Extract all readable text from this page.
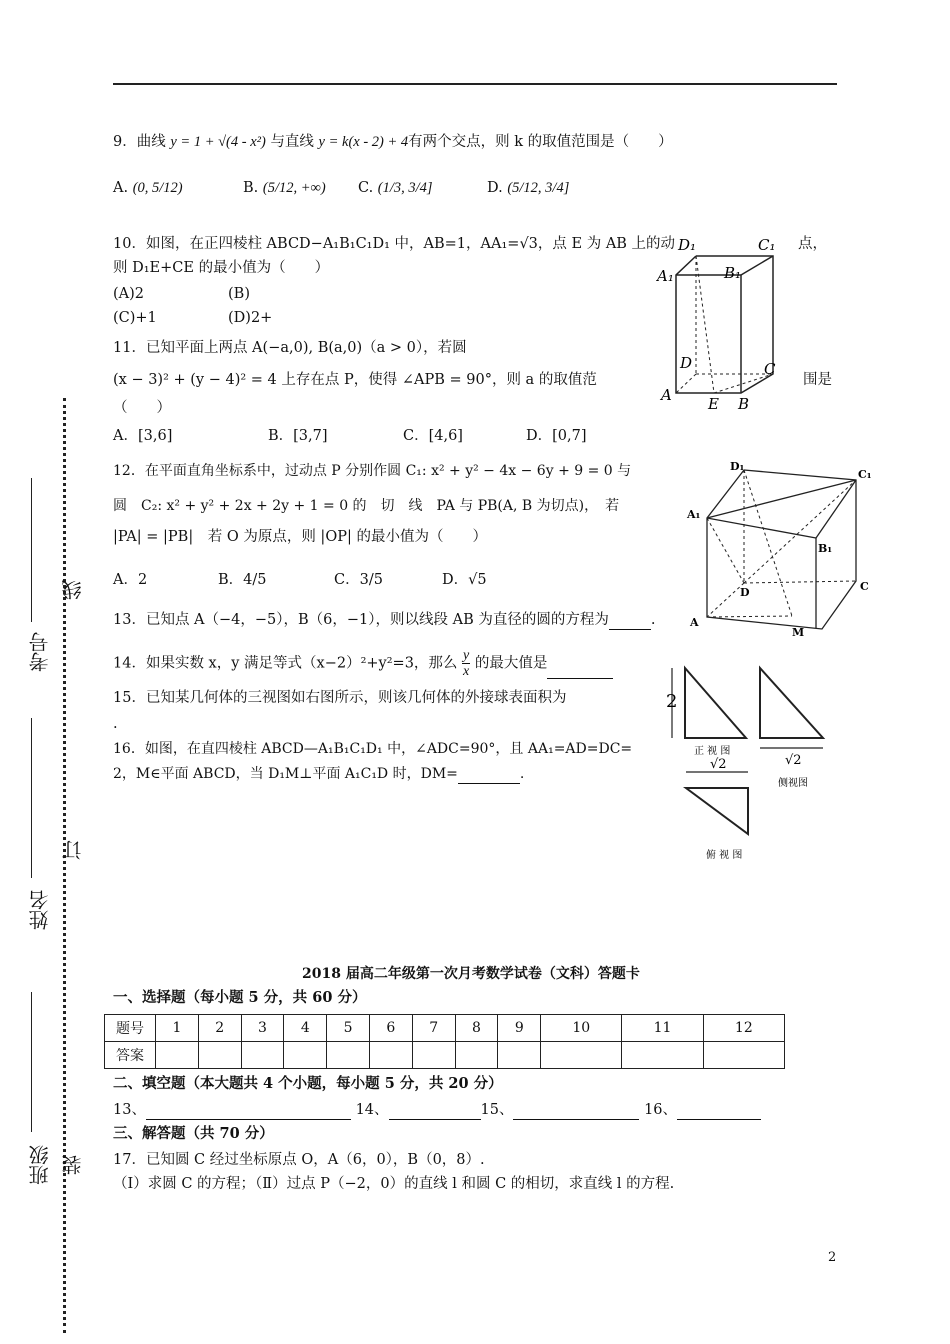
9．曲线 y = 1 + √(4 - x²) 与直线 y = k(x - 2) + 4有两个交点，则 k 的取值范围是（　　）
A. (0, 5/12)	B. (5/12, +∞) C. (1/3, 3/4]	D. (5/12, 3/4]
10．如图，在正四棱柱 ABCD−A₁B₁C₁D₁ 中，AB=1，AA₁=√3，点 E 为 AB 上的动	点，
则 D₁E+CE 的最小值为（　　）
(A)2	(B)
(C)+1	(D)2+
11．已知平面上两点 A(−a,0), B(a,0)（a > 0），若圆
(x − 3)² + (y − 4)² = 4 上存在点 P，使得 ∠APB = 90°，则 a 的取值范	围是
（　　）
A．[3,6]	B．[3,7]	C．[4,6]	D．[0,7]
12．在平面直角坐标系中，过动点 P 分别作圆 C₁: x² + y² − 4x − 6y + 9 = 0 与
圆　C₂: x² + y² + 2x + 2y + 1 = 0 的　切　线　PA 与 PB(A, B 为切点)，　若
|PA| = |PB|　若 O 为原点，则 |OP| 的最小值为（　　）
A．2	B．4/5	C．3/5	D．√5
13．已知点 A（−4，−5），B（6，−1），则以线段 AB 为直径的圆的方程为	.
14．如果实数 x，y 满足等式（x−2）²+y²=3，那么 $\frac{y}{x}$ 的最大值是
15．已知某几何体的三视图如右图所示，则该几何体的外接球表面积为
.
16．如图，在直四棱柱 ABCD—A₁B₁C₁D₁ 中，∠ADC=90°，且 AA₁=AD=DC=
2，M∈平面 ABCD，当 D₁M⊥平面 A₁C₁D 时，DM=	.
D₁	C₁
A₁	B₁
D	C
A E B
D₁
C₁
A₁
B₁
D	C
A
M
2
正 视 图
√2
侧视图
√2
俯 视 图
2018 届高二年级第一次月考数学试卷（文科）答题卡
一、选择题（每小题 5 分，共 60 分）
题号	1	2	3	4	5	6	7	8	9	10	11	12
答案												
二、填空题（本大题共 4 个小题，每小题 5 分，共 20 分）
13、	14、	15、	16、
三、解答题（共 70 分）
17．已知圆 C 经过坐标原点 O，A（6，0），B（0，8）.
（Ⅰ）求圆 C 的方程；（Ⅱ）过点 P（−2，0）的直线 l 和圆 C 的相切，求直线 l 的方程.
考号
线
姓名
订
班级 装
2
